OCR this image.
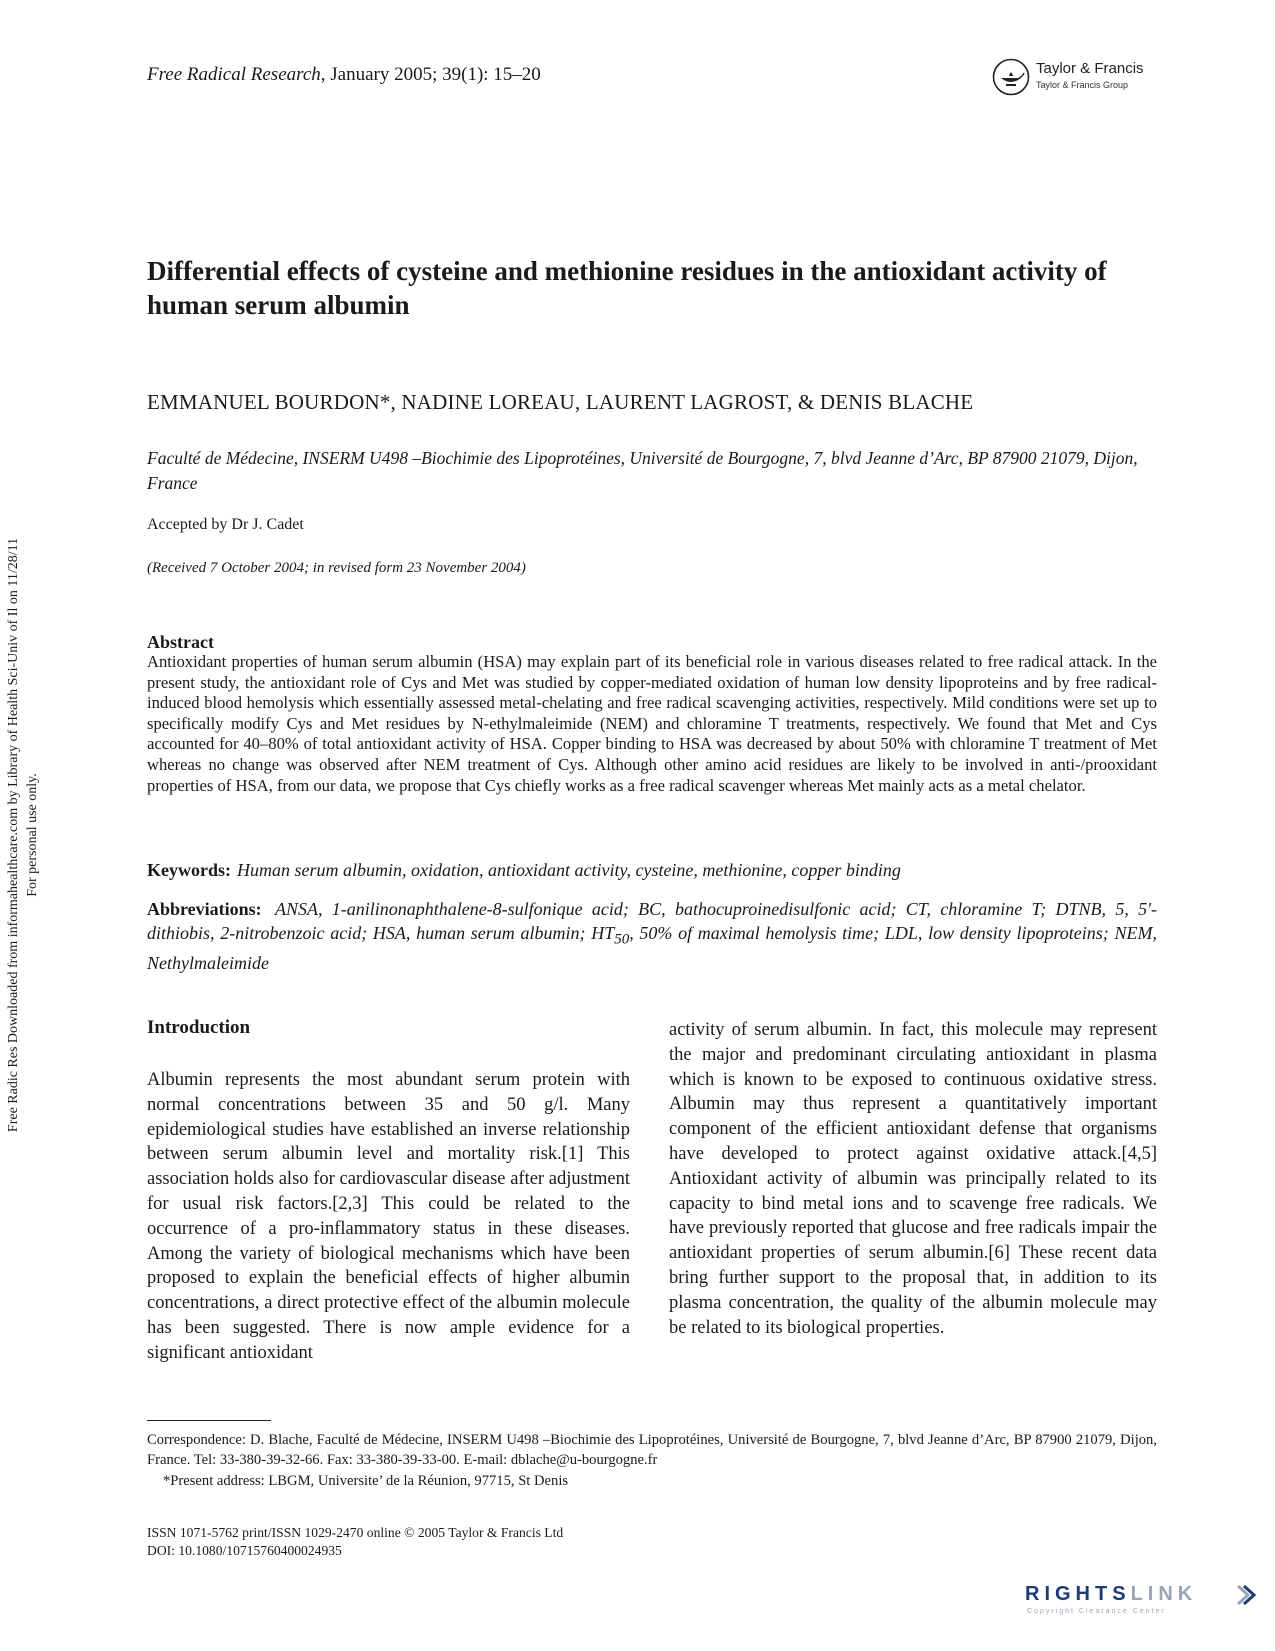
Free Radical Research, January 2005; 39(1): 15–20	Taylor & Francis
Taylor & Francis Group
Differential effects of cysteine and methionine residues in the antioxidant activity of human serum albumin
EMMANUEL BOURDON*, NADINE LOREAU, LAURENT LAGROST, & DENIS BLACHE
Faculté de Médecine, INSERM U498 –Biochimie des Lipoprotéines, Université de Bourgogne, 7, blvd Jeanne d’Arc, BP 87900 21079, Dijon, France
Accepted by Dr J. Cadet
(Received 7 October 2004; in revised form 23 November 2004)
Abstract
Antioxidant properties of human serum albumin (HSA) may explain part of its beneficial role in various diseases related to free radical attack. In the present study, the antioxidant role of Cys and Met was studied by copper-mediated oxidation of human low density lipoproteins and by free radical-induced blood hemolysis which essentially assessed metal-chelating and free radical scavenging activities, respectively. Mild conditions were set up to specifically modify Cys and Met residues by N-ethylmaleimide (NEM) and chloramine T treatments, respectively. We found that Met and Cys accounted for 40–80% of total antioxidant activity of HSA. Copper binding to HSA was decreased by about 50% with chloramine T treatment of Met whereas no change was observed after NEM treatment of Cys. Although other amino acid residues are likely to be involved in anti-/prooxidant properties of HSA, from our data, we propose that Cys chiefly works as a free radical scavenger whereas Met mainly acts as a metal chelator.
Keywords: Human serum albumin, oxidation, antioxidant activity, cysteine, methionine, copper binding
Abbreviations: ANSA, 1-anilinonaphthalene-8-sulfonique acid; BC, bathocuproinedisulfonic acid; CT, chloramine T; DTNB, 5, 5′-dithiobis, 2-nitrobenzoic acid; HSA, human serum albumin; $HT_{50}$, 50% of maximal hemolysis time; LDL, low density lipoproteins; NEM, Nethylmaleimide
Introduction
Albumin represents the most abundant serum protein with normal concentrations between 35 and 50 g/l. Many epidemiological studies have established an inverse relationship between serum albumin level and mortality risk.[1] This association holds also for cardiovascular disease after adjustment for usual risk factors.[2,3] This could be related to the occurrence of a pro-inflammatory status in these diseases. Among the variety of biological mechanisms which have been proposed to explain the beneficial effects of higher albumin concentrations, a direct protective effect of the albumin molecule has been suggested. There is now ample evidence for a significant antioxidant
activity of serum albumin. In fact, this molecule may represent the major and predominant circulating antioxidant in plasma which is known to be exposed to continuous oxidative stress. Albumin may thus represent a quantitatively important component of the efficient antioxidant defense that organisms have developed to protect against oxidative attack.[4,5] Antioxidant activity of albumin was principally related to its capacity to bind metal ions and to scavenge free radicals. We have previously reported that glucose and free radicals impair the antioxidant properties of serum albumin.[6] These recent data bring further support to the proposal that, in addition to its plasma concentration, the quality of the albumin molecule may be related to its biological properties.
Correspondence: D. Blache, Faculté de Médecine, INSERM U498 –Biochimie des Lipoprotéines, Université de Bourgogne, 7, blvd Jeanne d’Arc, BP 87900 21079, Dijon, France. Tel: 33-380-39-32-66. Fax: 33-380-39-33-00. E-mail: dblache@u-bourgogne.fr
*Present address: LBGM, Universite’ de la Réunion, 97715, St Denis
ISSN 1071-5762 print/ISSN 1029-2470 online © 2005 Taylor & Francis Ltd
DOI: 10.1080/10715760400024935
Free Radic Res Downloaded from informahealthcare.com by Library of Health Sci-Univ of Il on 11/28/11 For personal use only.
RIGHTSLINK
Copyright Clearance Center
